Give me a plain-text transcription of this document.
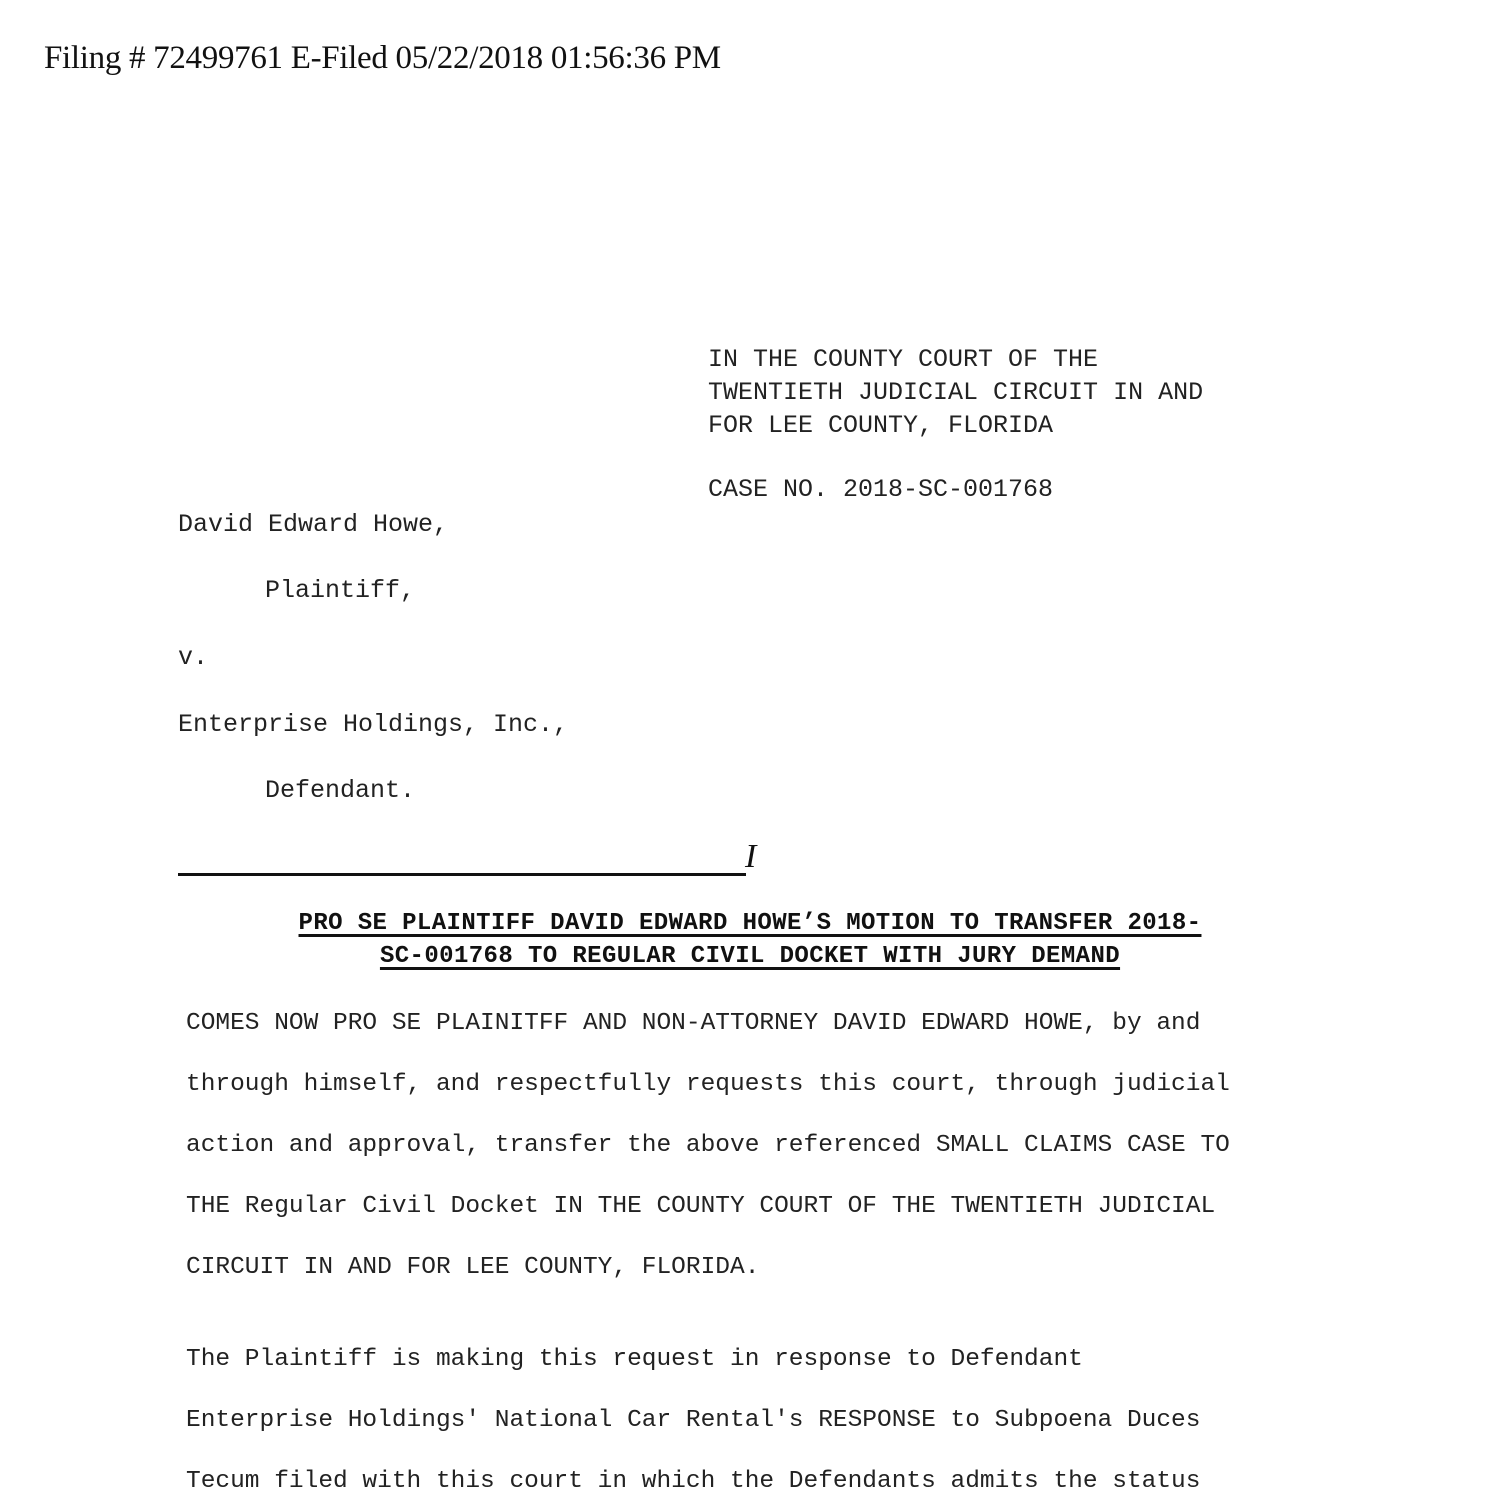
Filing # 72499761 E-Filed 05/22/2018 01:56:36 PM
IN THE COUNTY COURT OF THE
TWENTIETH JUDICIAL CIRCUIT IN AND
FOR LEE COUNTY, FLORIDA
CASE NO. 2018-SC-001768
David Edward Howe,
Plaintiff,
v.
Enterprise Holdings, Inc.,
Defendant.
I
PRO SE PLAINTIFF DAVID EDWARD HOWE’S MOTION TO TRANSFER 2018-
SC-001768 TO REGULAR CIVIL DOCKET WITH JURY DEMAND
COMES NOW PRO SE PLAINITFF AND NON-ATTORNEY DAVID EDWARD HOWE, by and
through himself, and respectfully requests this court, through judicial
action and approval, transfer the above referenced SMALL CLAIMS CASE TO
THE Regular Civil Docket IN THE COUNTY COURT OF THE TWENTIETH JUDICIAL
CIRCUIT IN AND FOR LEE COUNTY, FLORIDA.
The Plaintiff is making this request in response to Defendant
Enterprise Holdings' National Car Rental's RESPONSE to Subpoena Duces
Tecum filed with this court in which the Defendants admits the status
